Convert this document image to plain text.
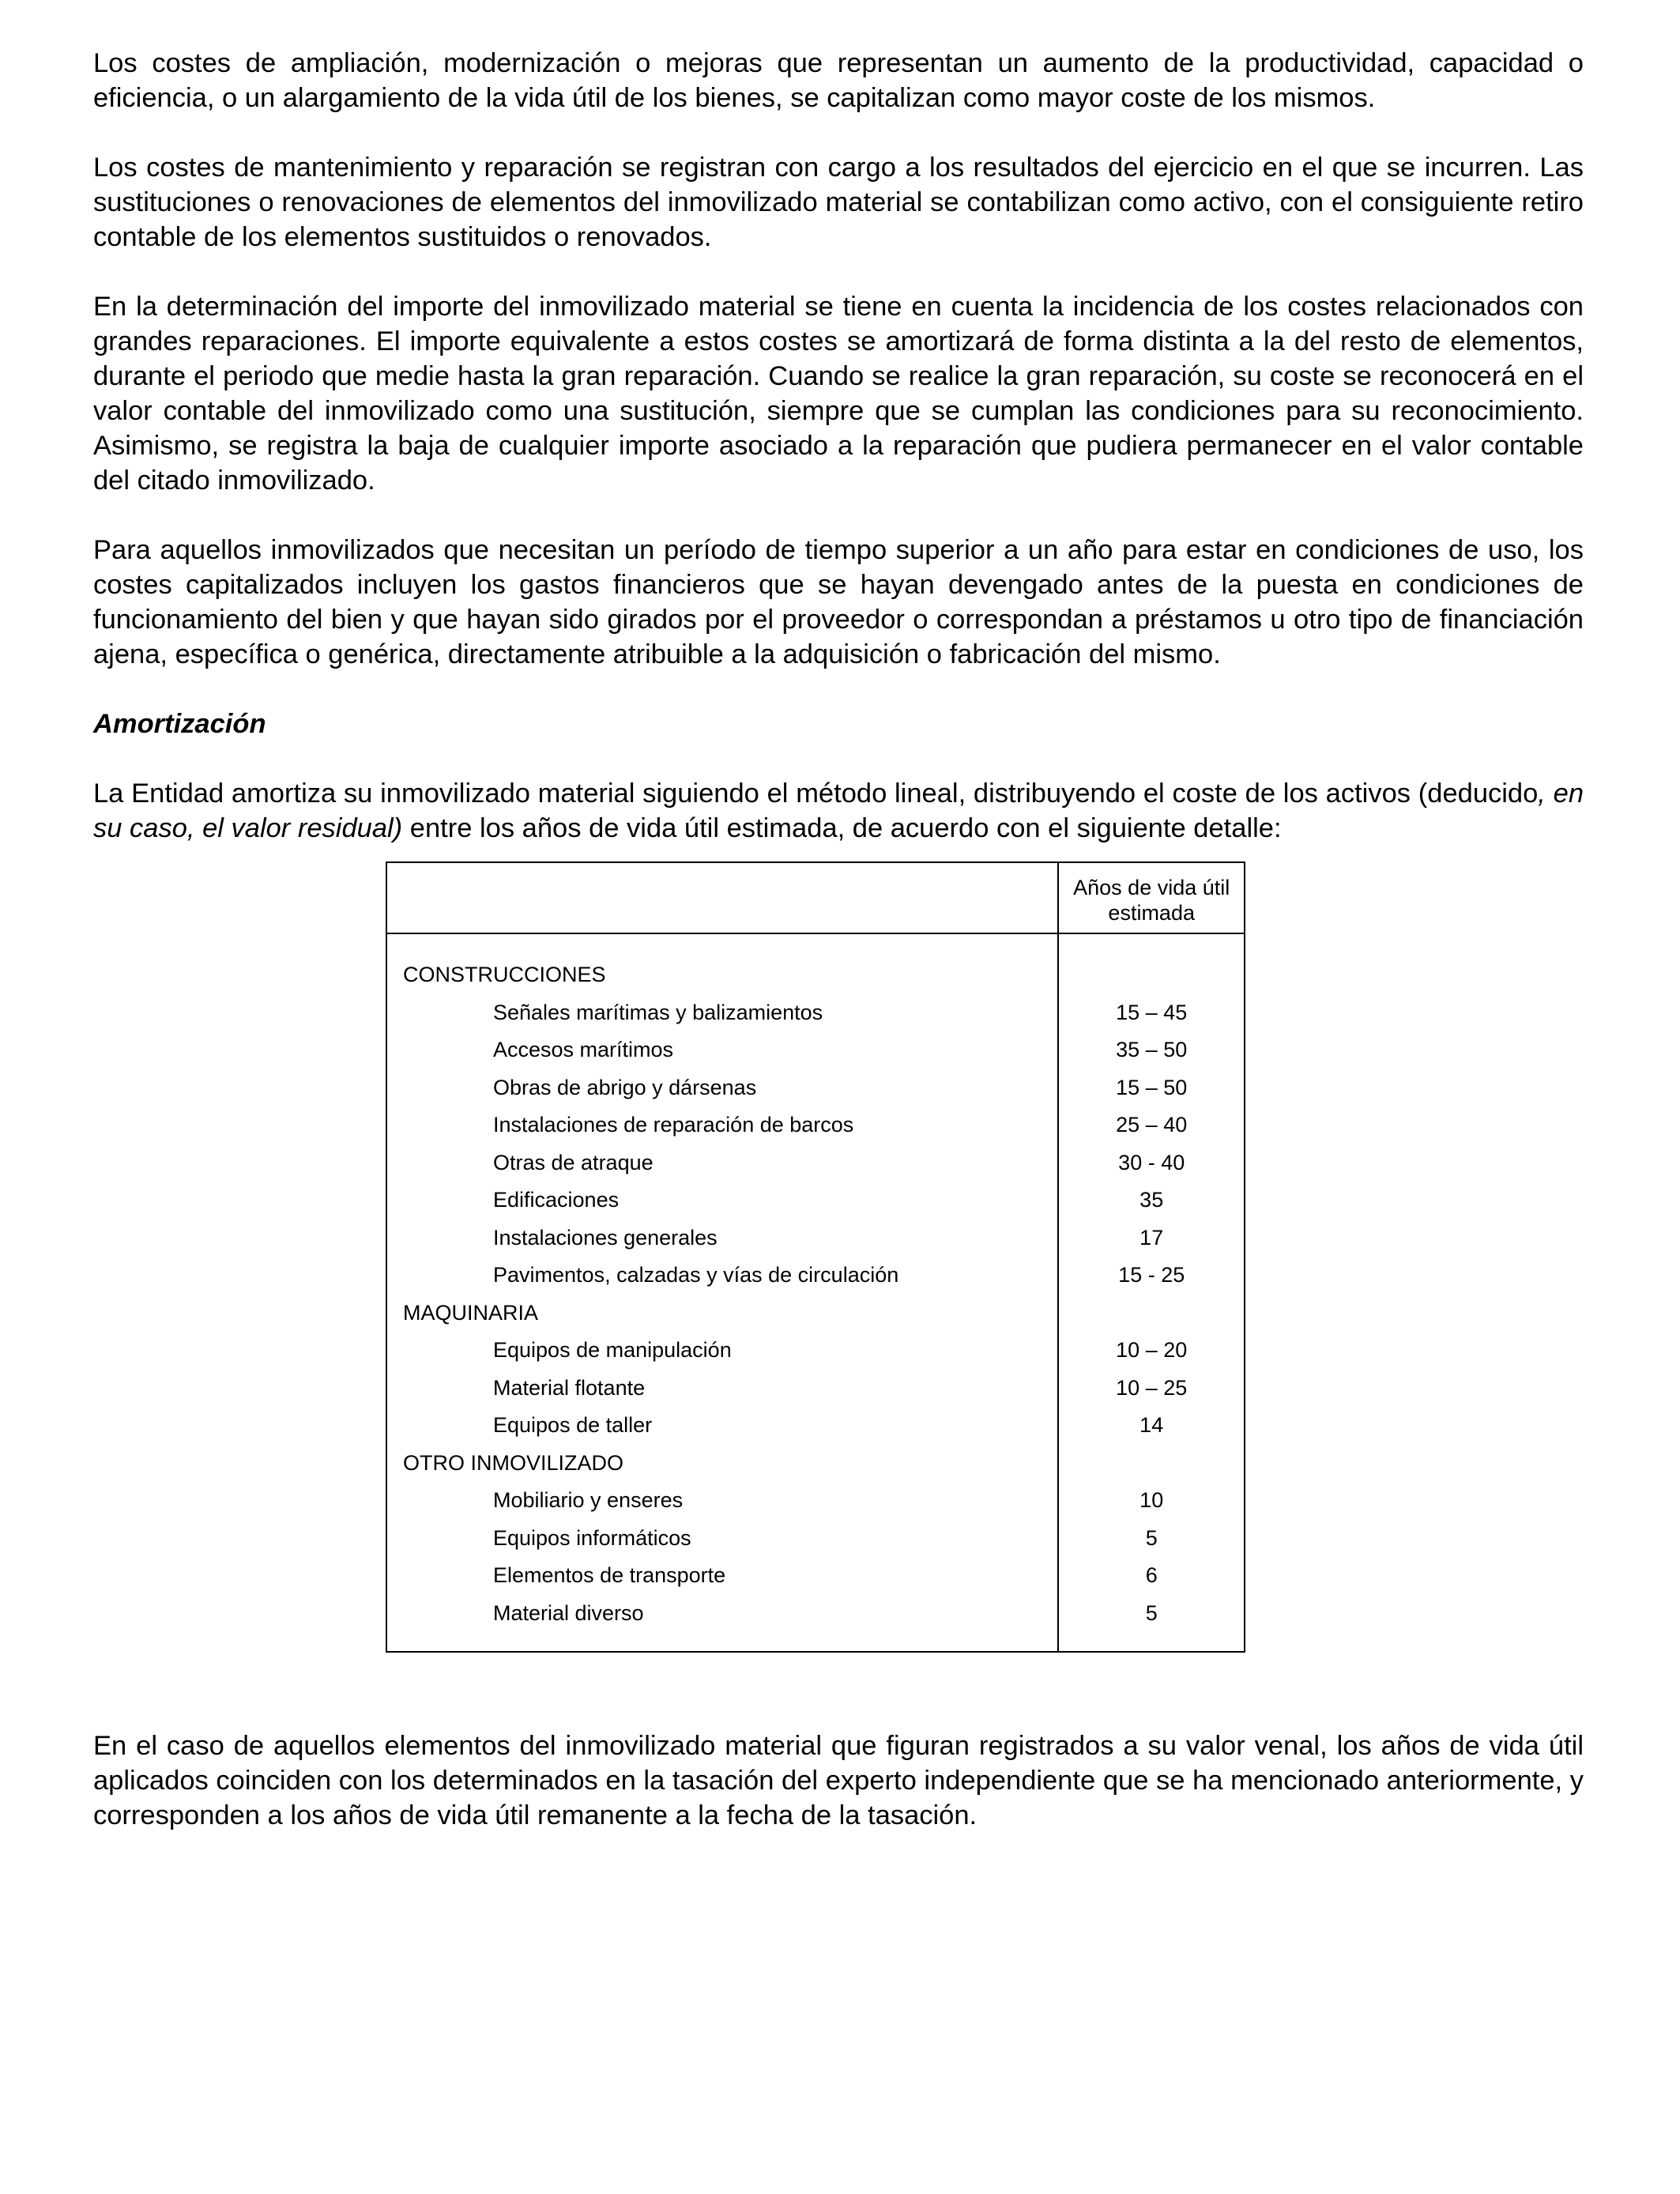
Los costes de ampliación, modernización o mejoras que representan un aumento de la productividad, capacidad o eficiencia, o un alargamiento de la vida útil de los bienes, se capitalizan como mayor coste de los mismos.

Los costes de mantenimiento y reparación se registran con cargo a los resultados del ejercicio en el que se incurren. Las sustituciones o renovaciones de elementos del inmovilizado material se contabilizan como activo, con el consiguiente retiro contable de los elementos sustituidos o renovados.

En la determinación del importe del inmovilizado material se tiene en cuenta la incidencia de los costes relacionados con grandes reparaciones. El importe equivalente a estos costes se amortizará de forma distinta a la del resto de elementos, durante el periodo que medie hasta la gran reparación. Cuando se realice la gran reparación, su coste se reconocerá en el valor contable del inmovilizado como una sustitución, siempre que se cumplan las condiciones para su reconocimiento. Asimismo, se registra la baja de cualquier importe asociado a la reparación que pudiera permanecer en el valor contable del citado inmovilizado.

Para aquellos inmovilizados que necesitan un período de tiempo superior a un año para estar en condiciones de uso, los costes capitalizados incluyen los gastos financieros que se hayan devengado antes de la puesta en condiciones de funcionamiento del bien y que hayan sido girados por el proveedor o correspondan a préstamos u otro tipo de financiación ajena, específica o genérica, directamente atribuible a la adquisición o fabricación del mismo.

Amortización

La Entidad amortiza su inmovilizado material siguiendo el método lineal, distribuyendo el coste de los activos (deducido, en su caso, el valor residual) entre los años de vida útil estimada, de acuerdo con el siguiente detalle:

	Años de vida útil
estimada

CONSTRUCCIONES	
Señales marítimas y balizamientos	15 – 45
Accesos marítimos	35 – 50
Obras de abrigo y dársenas	15 – 50
Instalaciones de reparación de barcos	25 – 40
Otras de atraque	30 - 40
Edificaciones	35
Instalaciones generales	17
Pavimentos, calzadas y vías de circulación	15 - 25
MAQUINARIA	
Equipos de manipulación	10 – 20
Material flotante	10 – 25
Equipos de taller	14
OTRO INMOVILIZADO	
Mobiliario y enseres	10
Equipos informáticos	5
Elementos de transporte	6
Material diverso	5

En el caso de aquellos elementos del inmovilizado material que figuran registrados a su valor venal, los años de vida útil aplicados coinciden con los determinados en la tasación del experto independiente que se ha mencionado anteriormente, y corresponden a los años de vida útil remanente a la fecha de la tasación.
